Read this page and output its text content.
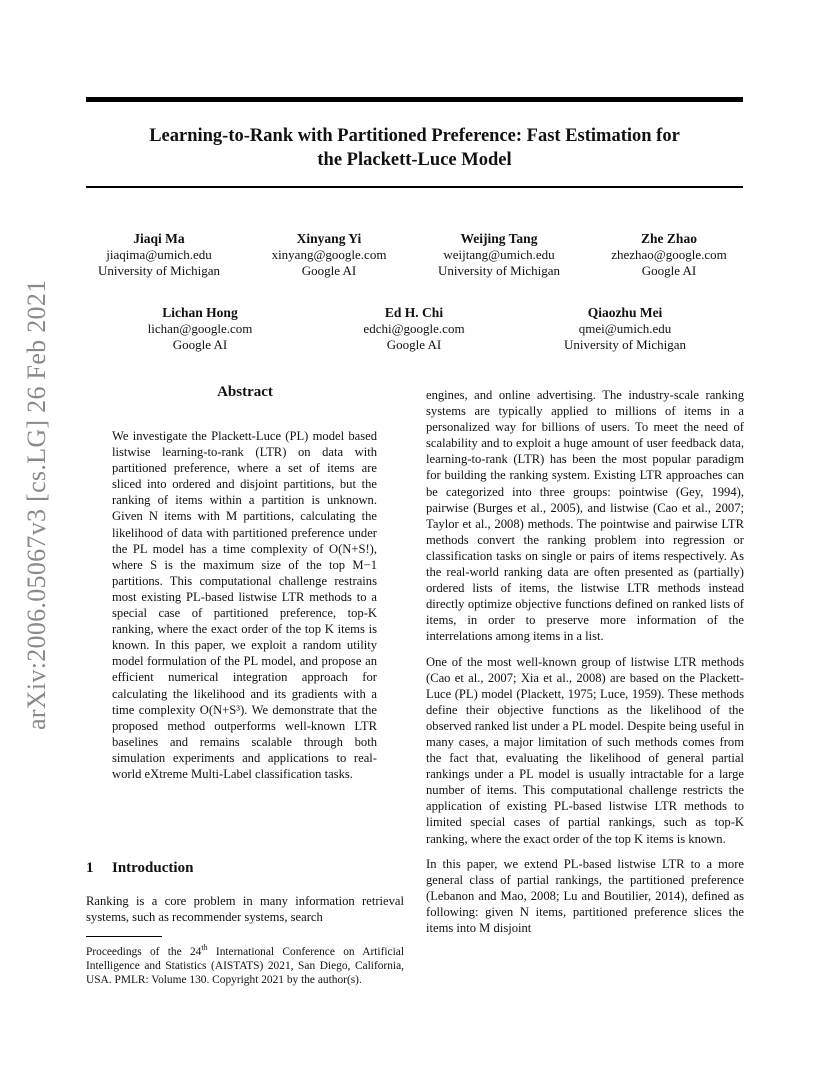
Learning-to-Rank with Partitioned Preference: Fast Estimation for
the Plackett-Luce Model
Jiaqi Ma
jiaqima@umich.edu
University of Michigan
Xinyang Yi
xinyang@google.com
Google AI
Weijing Tang
weijtang@umich.edu
University of Michigan
Zhe Zhao
zhezhao@google.com
Google AI
Lichan Hong
lichan@google.com
Google AI
Ed H. Chi
edchi@google.com
Google AI
Qiaozhu Mei
qmei@umich.edu
University of Michigan
arXiv:2006.05067v3 [cs.LG] 26 Feb 2021	Abstract
We investigate the Plackett-Luce (PL) model based listwise learning-to-rank (LTR) on data with partitioned preference, where a set of items are sliced into ordered and disjoint partitions, but the ranking of items within a partition is unknown. Given N items with M partitions, calculating the likelihood of data with partitioned preference under the PL model has a time complexity of O(N+S!), where S is the maximum size of the top M−1 partitions. This computational challenge restrains most existing PL-based listwise LTR methods to a special case of partitioned preference, top-K ranking, where the exact order of the top K items is known. In this paper, we exploit a random utility model formulation of the PL model, and propose an efficient numerical integration approach for calculating the likelihood and its gradients with a time complexity O(N+S³). We demonstrate that the proposed method outperforms well-known LTR baselines and remains scalable through both simulation experiments and applications to real-world eXtreme Multi-Label classification tasks.
1 Introduction
Ranking is a core problem in many information retrieval systems, such as recommender systems, search
Proceedings of the 24th International Conference on Artificial Intelligence and Statistics (AISTATS) 2021, San Diego, California, USA. PMLR: Volume 130. Copyright 2021 by the author(s).

engines, and online advertising. The industry-scale ranking systems are typically applied to millions of items in a personalized way for billions of users. To meet the need of scalability and to exploit a huge amount of user feedback data, learning-to-rank (LTR) has been the most popular paradigm for building the ranking system. Existing LTR approaches can be categorized into three groups: pointwise (Gey, 1994), pairwise (Burges et al., 2005), and listwise (Cao et al., 2007; Taylor et al., 2008) methods. The pointwise and pairwise LTR methods convert the ranking problem into regression or classification tasks on single or pairs of items respectively. As the real-world ranking data are often presented as (partially) ordered lists of items, the listwise LTR methods instead directly optimize objective functions defined on ranked lists of items, in order to preserve more information of the interrelations among items in a list.

One of the most well-known group of listwise LTR methods (Cao et al., 2007; Xia et al., 2008) are based on the Plackett-Luce (PL) model (Plackett, 1975; Luce, 1959). These methods define their objective functions as the likelihood of the observed ranked list under a PL model. Despite being useful in many cases, a major limitation of such methods comes from the fact that, evaluating the likelihood of general partial rankings under a PL model is usually intractable for a large number of items. This computational challenge restricts the application of existing PL-based listwise LTR methods to limited special cases of partial rankings, such as top-K ranking, where the exact order of the top K items is known.

In this paper, we extend PL-based listwise LTR to a more general class of partial rankings, the partitioned preference (Lebanon and Mao, 2008; Lu and Boutilier, 2014), defined as following: given N items, partitioned preference slices the items into M disjoint
